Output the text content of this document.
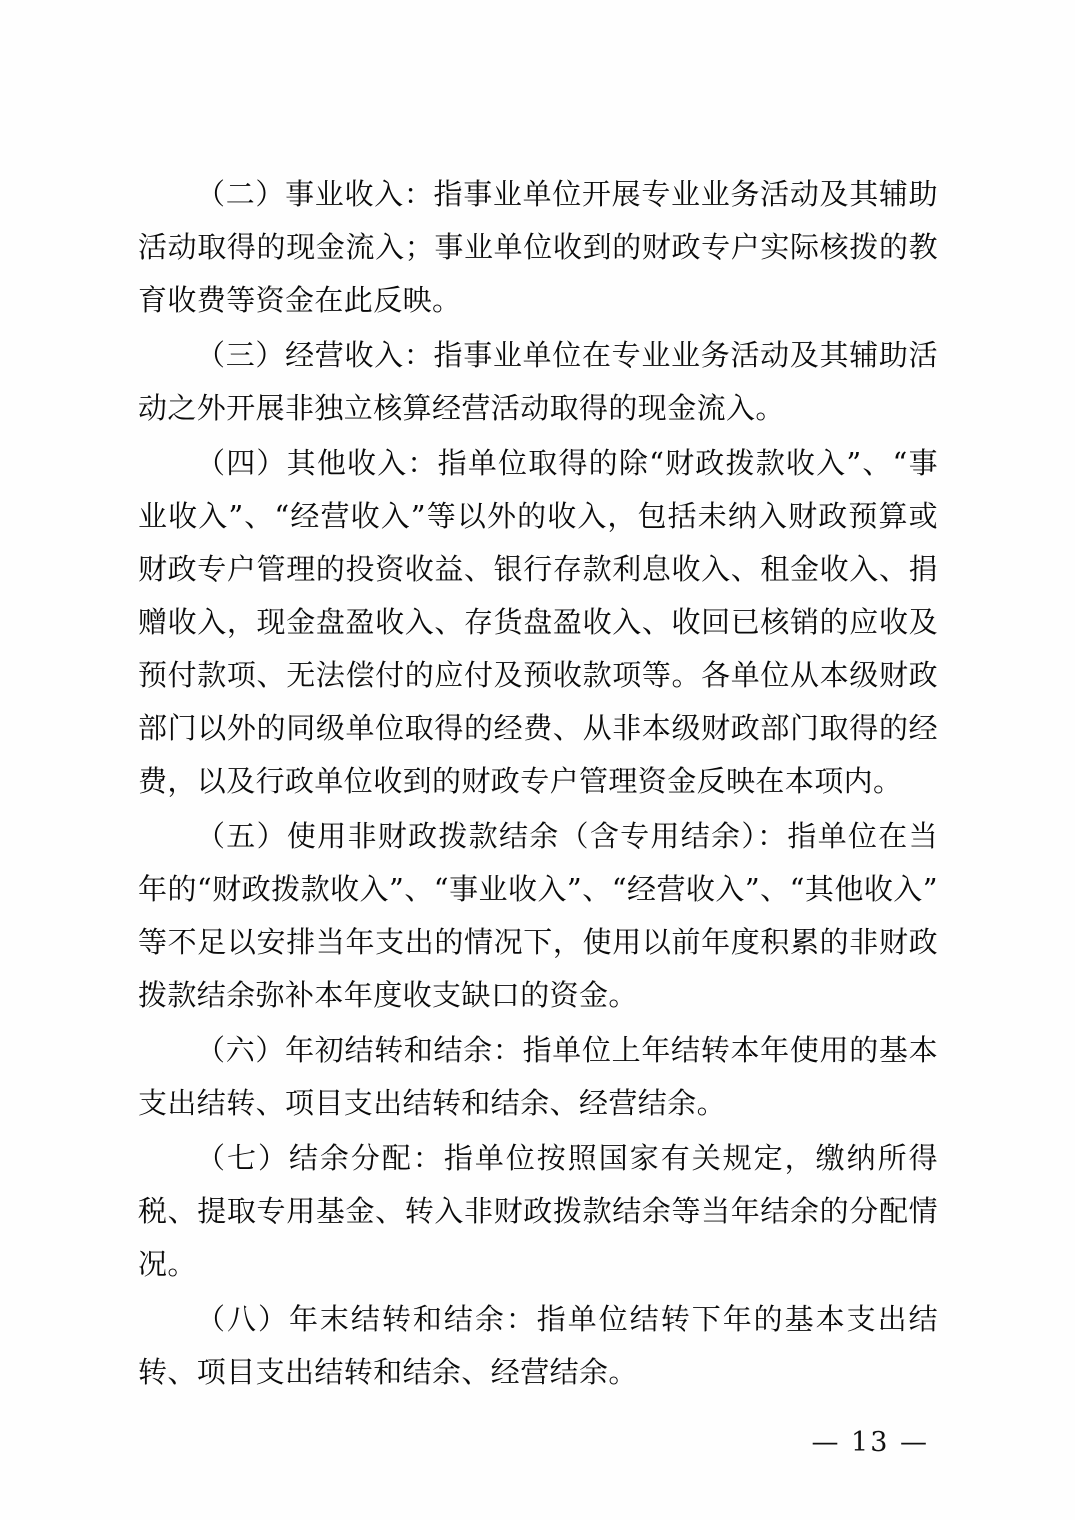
（二）事业收入：指事业单位开展专业业务活动及其辅助活动取得的现金流入；事业单位收到的财政专户实际核拨的教育收费等资金在此反映。

（三）经营收入：指事业单位在专业业务活动及其辅助活动之外开展非独立核算经营活动取得的现金流入。

（四）其他收入：指单位取得的除“财政拨款收入”、“事业收入”、“经营收入”等以外的收入，包括未纳入财政预算或财政专户管理的投资收益、银行存款利息收入、租金收入、捐赠收入，现金盘盈收入、存货盘盈收入、收回已核销的应收及预付款项、无法偿付的应付及预收款项等。各单位从本级财政部门以外的同级单位取得的经费、从非本级财政部门取得的经费，以及行政单位收到的财政专户管理资金反映在本项内。

（五）使用非财政拨款结余（含专用结余）：指单位在当年的“财政拨款收入”、“事业收入”、“经营收入”、“其他收入”等不足以安排当年支出的情况下，使用以前年度积累的非财政拨款结余弥补本年度收支缺口的资金。

（六）年初结转和结余：指单位上年结转本年使用的基本支出结转、项目支出结转和结余、经营结余。

（七）结余分配：指单位按照国家有关规定，缴纳所得税、提取专用基金、转入非财政拨款结余等当年结余的分配情况。

（八）年末结转和结余：指单位结转下年的基本支出结转、项目支出结转和结余、经营结余。

— 13 —
